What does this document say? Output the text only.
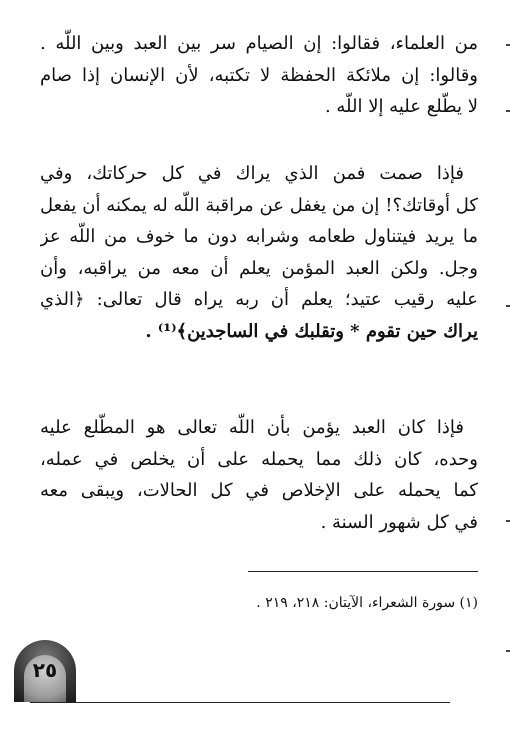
من العلماء، فقالوا: إن الصيام سر بين العبد وبين اللّه .
وقالوا: إن ملائكة الحفظة لا تكتبه، لأن الإنسان إذا صام
لا يطّلع عليه إلا اللّه .
فإذا صمت فمن الذي يراك في كل حركاتك، وفي
كل أوقاتك؟! إن من يغفل عن مراقبة اللّه له يمكنه أن يفعل
ما يريد فيتناول طعامه وشرابه دون ما خوف من اللّه عز
وجل. ولكن العبد المؤمن يعلم أن معه من يراقبه، وأن
عليه رقيب عتيد؛ يعلم أن ربه يراه قال تعالى: ﴿الذي
يراك حين تقوم * وتقلبك في الساجدين﴾⁽¹⁾ .
فإذا كان العبد يؤمن بأن اللّه تعالى هو المطّلع عليه
وحده، كان ذلك مما يحمله على أن يخلص في عمله،
كما يحمله على الإخلاص في كل الحالات، ويبقى معه
في كل شهور السنة .
(١) سورة الشعراء، الآيتان: ٢١٨، ٢١٩ .
٢٥
